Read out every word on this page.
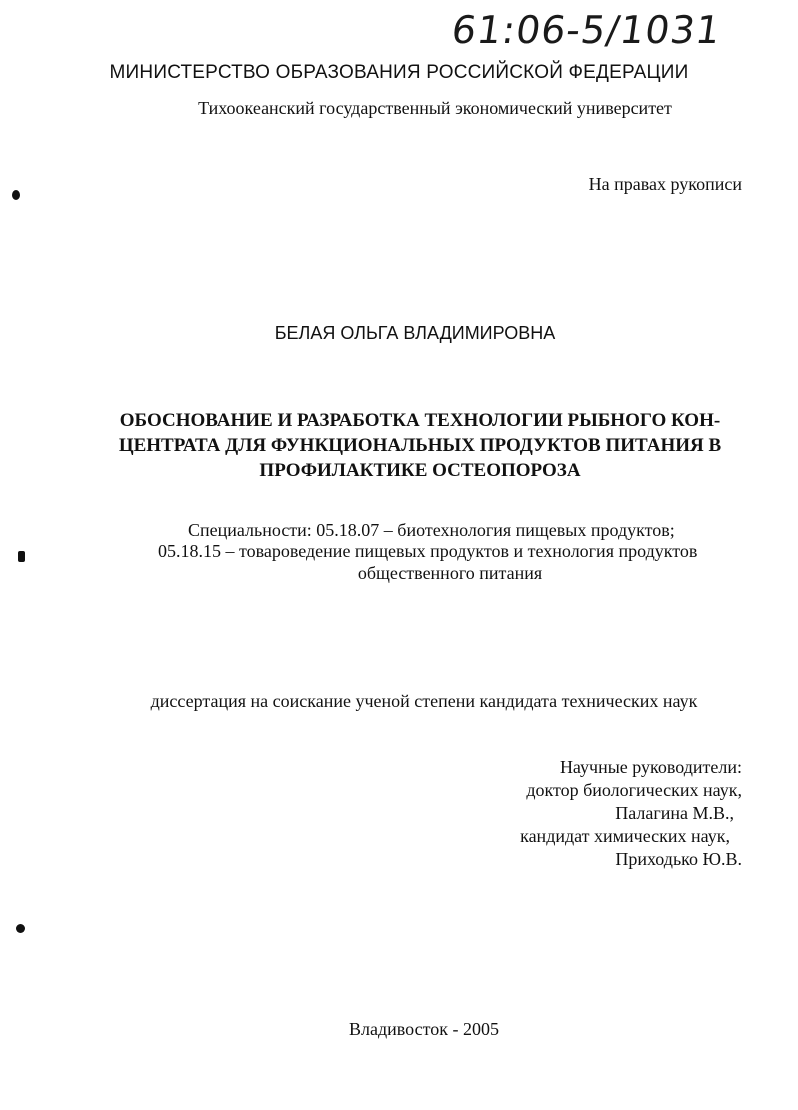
61:06-5/1031
МИНИСТЕРСТВО ОБРАЗОВАНИЯ РОССИЙСКОЙ ФЕДЕРАЦИИ
Тихоокеанский государственный экономический университет
На правах рукописи
БЕЛАЯ ОЛЬГА ВЛАДИМИРОВНА
ОБОСНОВАНИЕ И РАЗРАБОТКА ТЕХНОЛОГИИ РЫБНОГО КОН-
ЦЕНТРАТА ДЛЯ ФУНКЦИОНАЛЬНЫХ ПРОДУКТОВ ПИТАНИЯ В
ПРОФИЛАКТИКЕ ОСТЕОПОРОЗА
Специальности: 05.18.07 – биотехнология пищевых продуктов;
05.18.15 – товароведение пищевых продуктов и технология продуктов
общественного питания
диссертация на соискание ученой степени кандидата технических наук
Научные руководители:
доктор биологических наук,
Палагина М.В.,
кандидат химических наук,
Приходько Ю.В.
Владивосток - 2005
